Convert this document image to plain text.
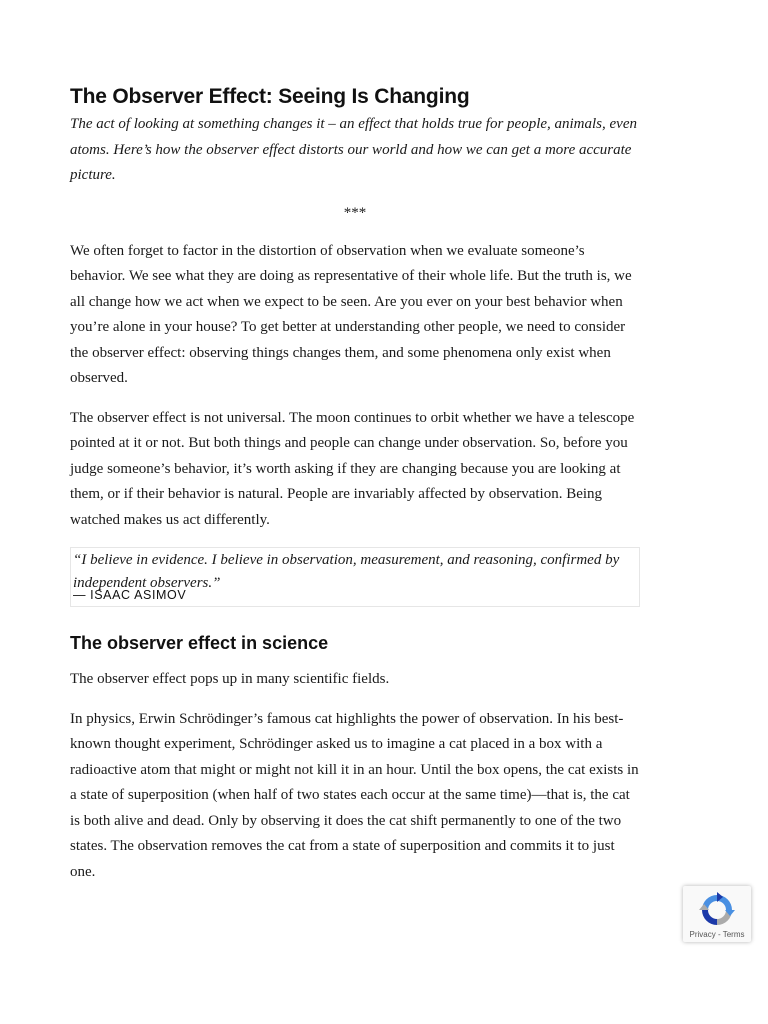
The Observer Effect: Seeing Is Changing

The act of looking at something changes it – an effect that holds true for people, animals, even atoms. Here’s how the observer effect distorts our world and how we can get a more accurate picture.

***

We often forget to factor in the distortion of observation when we evaluate someone’s behavior. We see what they are doing as representative of their whole life. But the truth is, we all change how we act when we expect to be seen. Are you ever on your best behavior when you’re alone in your house? To get better at understanding other people, we need to consider the observer effect: observing things changes them, and some phenomena only exist when observed.

The observer effect is not universal. The moon continues to orbit whether we have a telescope pointed at it or not. But both things and people can change under observation. So, before you judge someone’s behavior, it’s worth asking if they are changing because you are looking at them, or if their behavior is natural. People are invariably affected by observation. Being watched makes us act differently.

“I believe in evidence. I believe in observation, measurement, and reasoning, confirmed by independent observers.”

— ISAAC ASIMOV
The observer effect in science

The observer effect pops up in many scientific fields.

In physics, Erwin Schrödinger’s famous cat highlights the power of observation. In his best-known thought experiment, Schrödinger asked us to imagine a cat placed in a box with a radioactive atom that might or might not kill it in an hour. Until the box opens, the cat exists in a state of superposition (when half of two states each occur at the same time)—that is, the cat is both alive and dead. Only by observing it does the cat shift permanently to one of the two states. The observation removes the cat from a state of superposition and commits it to just one.

Privacy - Terms
